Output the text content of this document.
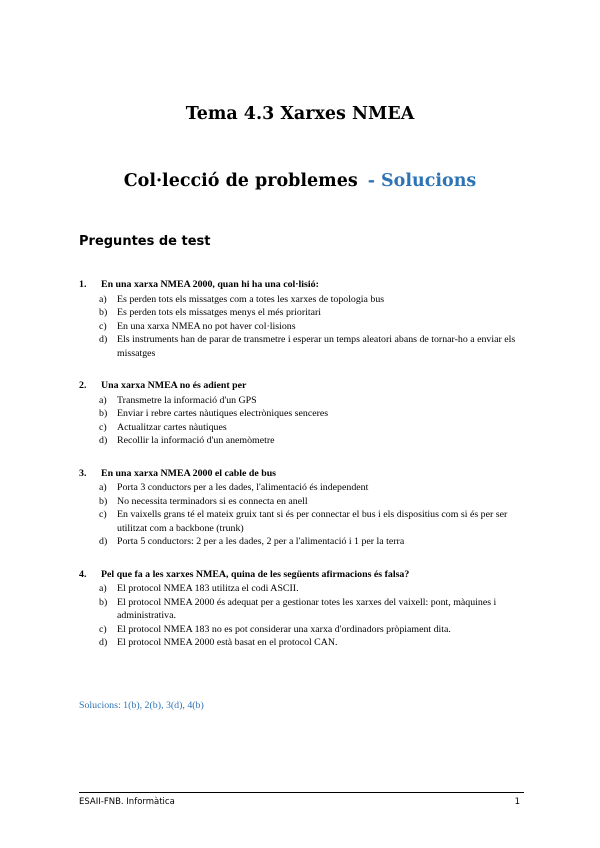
Tema 4.3 Xarxes NMEA
Col·lecció de problemes - Solucions
Preguntes de test
1.	En una xarxa NMEA 2000, quan hi ha una col·lisió:
a)	Es perden tots els missatges com a totes les xarxes de topologia bus
b) Es perden tots els missatges menys el més prioritari
c)	En una xarxa NMEA no pot haver col·lisions
d) Els instruments han de parar de transmetre i esperar un temps aleatori abans de tornar-ho a enviar els missatges
2.	Una xarxa NMEA no és adient per
a)	Transmetre la informació d'un GPS
b) Enviar i rebre cartes nàutiques electròniques senceres
c)	Actualitzar cartes nàutiques
d) Recollir la informació d'un anemòmetre
3.	En una xarxa NMEA 2000 el cable de bus
a)	Porta 3 conductors per a les dades, l'alimentació és independent
b) No necessita terminadors si es connecta en anell
c)	En vaixells grans té el mateix gruix tant si és per connectar el bus i els dispositius com si és per ser utilitzat com a backbone (trunk)
d) Porta 5 conductors: 2 per a les dades, 2 per a l'alimentació i 1 per la terra
4.	Pel que fa a les xarxes NMEA, quina de les següents afirmacions és falsa?
a)	El protocol NMEA 183 utilitza el codi ASCII.
b) El protocol NMEA 2000 és adequat per a gestionar totes les xarxes del vaixell: pont, màquines i administrativa.
c)	El protocol NMEA 183 no es pot considerar una xarxa d'ordinadors pròpiament dita.
d) El protocol NMEA 2000 està basat en el protocol CAN.
Solucions: 1(b), 2(b), 3(d), 4(b)
ESAII-FNB. Informàtica	1
